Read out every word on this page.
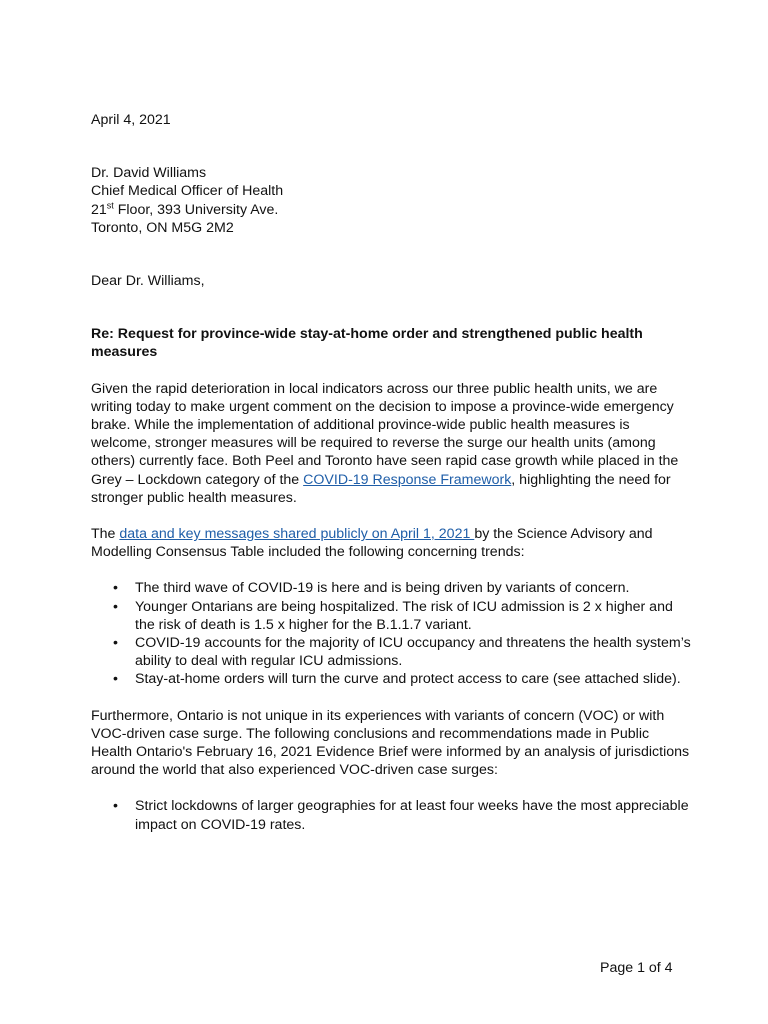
April 4, 2021

Dr. David Williams

Chief Medical Officer of Health

21st Floor, 393 University Ave.

Toronto, ON M5G 2M2

Dear Dr. Williams,

Re: Request for province-wide stay-at-home order and strengthened public health measures

Given the rapid deterioration in local indicators across our three public health units, we are writing today to make urgent comment on the decision to impose a province-wide emergency brake. While the implementation of additional province-wide public health measures is welcome, stronger measures will be required to reverse the surge our health units (among others) currently face. Both Peel and Toronto have seen rapid case growth while placed in the Grey – Lockdown category of the COVID-19 Response Framework, highlighting the need for stronger public health measures.

The data and key messages shared publicly on April 1, 2021 by the Science Advisory and Modelling Consensus Table included the following concerning trends:

• The third wave of COVID-19 is here and is being driven by variants of concern.
• Younger Ontarians are being hospitalized. The risk of ICU admission is 2 x higher and the risk of death is 1.5 x higher for the B.1.1.7 variant.
• COVID-19 accounts for the majority of ICU occupancy and threatens the health system’s ability to deal with regular ICU admissions.
• Stay-at-home orders will turn the curve and protect access to care (see attached slide).

Furthermore, Ontario is not unique in its experiences with variants of concern (VOC) or with VOC-driven case surge. The following conclusions and recommendations made in Public Health Ontario's February 16, 2021 Evidence Brief were informed by an analysis of jurisdictions around the world that also experienced VOC-driven case surges:

• Strict lockdowns of larger geographies for at least four weeks have the most appreciable impact on COVID-19 rates.
Page 1 of 4
